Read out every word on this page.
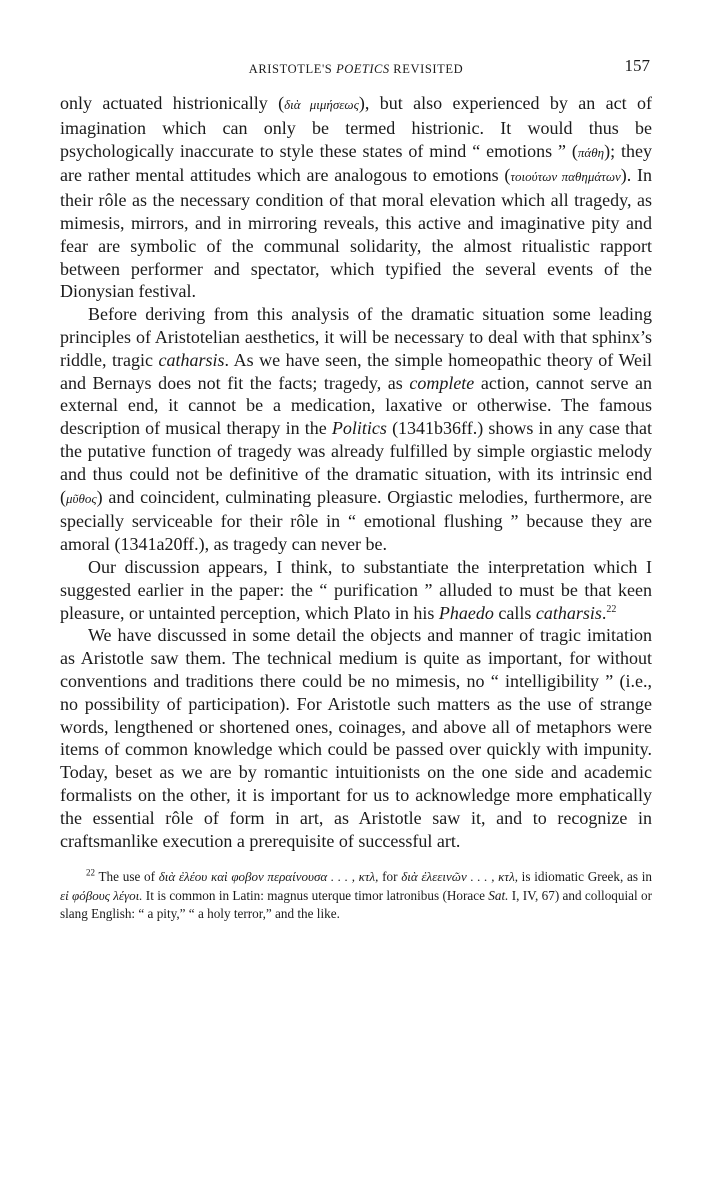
ARISTOTLE'S POETICS REVISITED	157

only actuated histrionically (διὰ μιμήσεως), but also experienced by an act of imagination which can only be termed histrionic. It would thus be psychologically inaccurate to style these states of mind “ emotions ” (πάθη); they are rather mental attitudes which are analogous to emotions (τοιούτων παθημάτων). In their rôle as the necessary condition of that moral elevation which all tragedy, as mimesis, mirrors, and in mirroring reveals, this active and imaginative pity and fear are symbolic of the communal solidarity, the almost ritualistic rapport between performer and spectator, which typified the several events of the Dionysian festival.

Before deriving from this analysis of the dramatic situation some leading principles of Aristotelian aesthetics, it will be necessary to deal with that sphinx’s riddle, tragic catharsis. As we have seen, the simple homeopathic theory of Weil and Bernays does not fit the facts; tragedy, as complete action, cannot serve an external end, it cannot be a medication, laxative or otherwise. The famous description of musical therapy in the Politics (1341b36ff.) shows in any case that the putative function of tragedy was already fulfilled by simple orgiastic melody and thus could not be definitive of the dramatic situation, with its intrinsic end (μῦθος) and coincident, culminating pleasure. Orgiastic melodies, furthermore, are specially serviceable for their rôle in “ emotional flushing ” because they are amoral (1341a20ff.), as tragedy can never be.

Our discussion appears, I think, to substantiate the interpretation which I suggested earlier in the paper: the “ purification ” alluded to must be that keen pleasure, or untainted perception, which Plato in his Phaedo calls catharsis.$^{22}$

We have discussed in some detail the objects and manner of tragic imitation as Aristotle saw them. The technical medium is quite as important, for without conventions and traditions there could be no mimesis, no “ intelligibility ” (i.e., no possibility of participation). For Aristotle such matters as the use of strange words, lengthened or shortened ones, coinages, and above all of metaphors were items of common knowledge which could be passed over quickly with impunity. Today, beset as we are by romantic intuitionists on the one side and academic formalists on the other, it is important for us to acknowledge more emphatically the essential rôle of form in art, as Aristotle saw it, and to recognize in craftsmanlike execution a prerequisite of successful art.

$^{22}$ The use of διὰ ἐλέου καὶ φοβον περαίνουσα . . . , κτλ, for διὰ ἐλεεινῶν . . . , κτλ, is idiomatic Greek, as in εἰ φόβους λέγοι. It is common in Latin: magnus uterque timor latronibus (Horace Sat. I, IV, 67) and colloquial or slang English: “ a pity,” “ a holy terror,” and the like.
